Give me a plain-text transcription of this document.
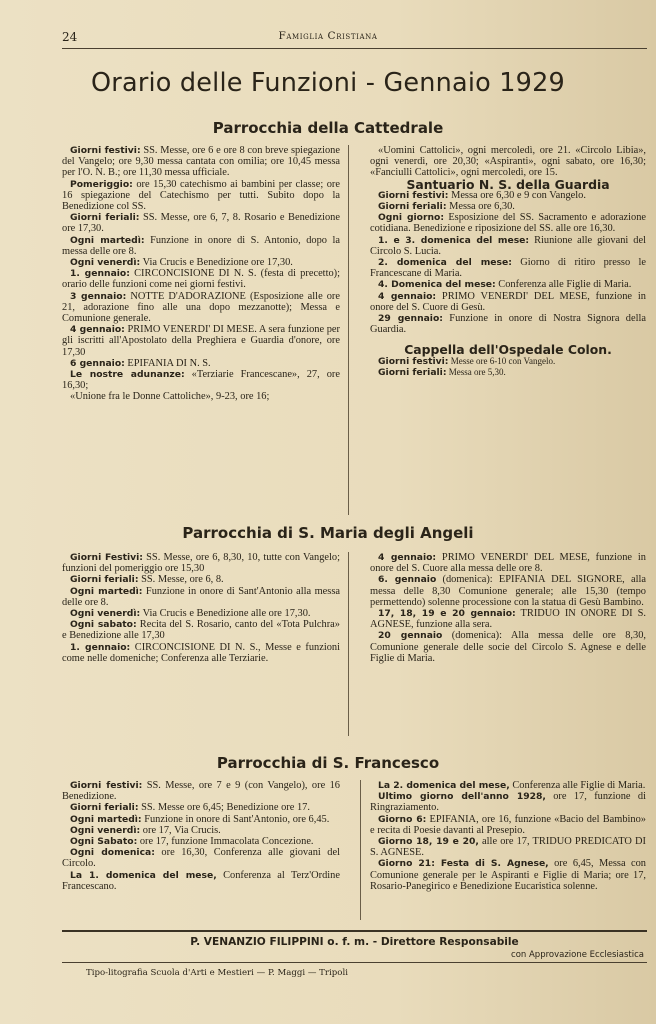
24	Famiglia Cristiana
Orario delle Funzioni - Gennaio 1929
Parrocchia della Cattedrale

Giorni festivi: SS. Messe, ore 6 e ore 8 con breve spiegazione del Vangelo; ore 9,30 messa cantata con omilia; ore 10,45 messa per l'O. N. B.; ore 11,30 messa ufficiale.

Pomeriggio: ore 15,30 catechismo ai bambini per classe; ore 16 spiegazione del Catechismo per tutti. Subito dopo la Benedizione col SS.

Giorni feriali: SS. Messe, ore 6, 7, 8. Rosario e Benedizione ore 17,30.

Ogni martedì: Funzione in onore di S. Antonio, dopo la messa delle ore 8.

Ogni venerdì: Via Crucis e Benedizione ore 17,30.

1. gennaio: CIRCONCISIONE DI N. S. (festa di precetto); orario delle funzioni come nei giorni festivi.

3 gennaio: NOTTE D'ADORAZIONE (Esposizione alle ore 21, adorazione fino alle una dopo mezzanotte); Messa e Comunione generale.

4 gennaio: PRIMO VENERDI' DI MESE. A sera funzione per gli iscritti all'Apostolato della Preghiera e Guardia d'onore, ore 17,30

6 gennaio: EPIFANIA DI N. S.

Le nostre adunanze: «Terziarie Francescane», 27, ore 16,30;

«Unione fra le Donne Cattoliche», 9-23, ore 16;

«Uomini Cattolici», ogni mercoledì, ore 21. «Circolo Libia», ogni venerdì, ore 20,30; «Aspiranti», ogni sabato, ore 16,30; «Fanciulli Cattolici», ogni mercoledì, ore 15.

Santuario N. S. della Guardia

Giorni festivi: Messa ore 6,30 e 9 con Vangelo.

Giorni feriali: Messa ore 6,30.

Ogni giorno: Esposizione del SS. Sacramento e adorazione cotidiana. Benedizione e riposizione del SS. alle ore 16,30.

1. e 3. domenica del mese: Riunione alle giovani del Circolo S. Lucia.

2. domenica del mese: Giorno di ritiro presso le Francescane di Maria.

4. Domenica del mese: Conferenza alle Figlie di Maria.

4 gennaio: PRIMO VENERDI' DEL MESE, funzione in onore del S. Cuore di Gesù.

29 gennaio: Funzione in onore di Nostra Signora della Guardia.

Cappella dell'Ospedale Colon.

Giorni festivi: Messe ore 6-10 con Vangelo.

Giorni feriali: Messa ore 5,30.

Parrocchia di S. Maria degli Angeli

Giorni Festivi: SS. Messe, ore 6, 8,30, 10, tutte con Vangelo; funzioni del pomeriggio ore 15,30

Giorni feriali: SS. Messe, ore 6, 8.

Ogni martedì: Funzione in onore di Sant'Antonio alla messa delle ore 8.

Ogni venerdì: Via Crucis e Benedizione alle ore 17,30.

Ogni sabato: Recita del S. Rosario, canto del «Tota Pulchra» e Benedizione alle 17,30

1. gennaio: CIRCONCISIONE DI N. S., Messe e funzioni come nelle domeniche; Conferenza alle Terziarie.

4 gennaio: PRIMO VENERDI' DEL MESE, funzione in onore del S. Cuore alla messa delle ore 8.

6. gennaio (domenica): EPIFANIA DEL SIGNORE, alla messa delle 8,30 Comunione generale; alle 15,30 (tempo permettendo) solenne processione con la statua di Gesù Bambino.

17, 18, 19 e 20 gennaio: TRIDUO IN ONORE DI S. AGNESE, funzione alla sera.

20 gennaio (domenica): Alla messa delle ore 8,30, Comunione generale delle socie del Circolo S. Agnese e delle Figlie di Maria.

Parrocchia di S. Francesco

Giorni festivi: SS. Messe, ore 7 e 9 (con Vangelo), ore 16 Benedizione.

Giorni feriali: SS. Messe ore 6,45; Benedizione ore 17.

Ogni martedì: Funzione in onore di Sant'Antonio, ore 6,45.

Ogni venerdì: ore 17, Via Crucis.

Ogni Sabato: ore 17, funzione Immacolata Concezione.

Ogni domenica: ore 16,30, Conferenza alle giovani del Circolo.

La 1. domenica del mese, Conferenza al Terz'Ordine Francescano.

La 2. domenica del mese, Conferenza alle Figlie di Maria.

Ultimo giorno dell'anno 1928, ore 17, funzione di Ringraziamento.

Giorno 6: EPIFANIA, ore 16, funzione «Bacio del Bambino» e recita di Poesie davanti al Presepio.

Giorno 18, 19 e 20, alle ore 17, TRIDUO PREDICATO DI S. AGNESE.

Giorno 21: Festa di S. Agnese, ore 6,45, Messa con Comunione generale per le Aspiranti e Figlie di Maria; ore 17, Rosario-Panegirico e Benedizione Eucaristica solenne.

P. VENANZIO FILIPPINI o. f. m. - Direttore Responsabile
con Approvazione Ecclesiastica
Tipo-litografia Scuola d'Arti e Mestieri — P. Maggi — Tripoli
